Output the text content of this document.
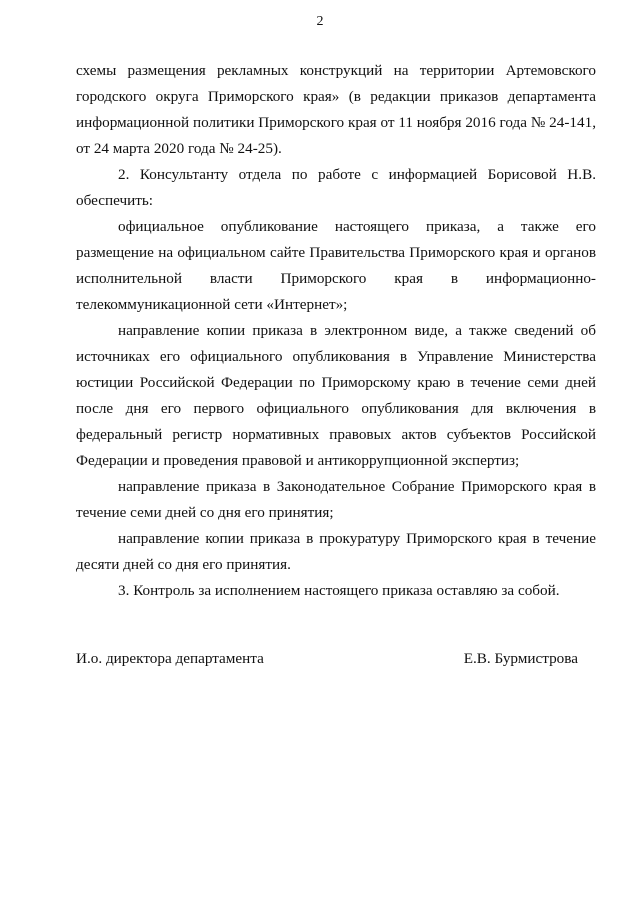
2

схемы размещения рекламных конструкций на территории Артемовского городского округа Приморского края» (в редакции приказов департамента информационной политики Приморского края от 11 ноября 2016 года № 24-141, от 24 марта 2020 года № 24-25).

2. Консультанту отдела по работе с информацией Борисовой Н.В. обеспечить:

официальное опубликование настоящего приказа, а также его размещение на официальном сайте Правительства Приморского края и органов исполнительной власти Приморского края в информационно-телекоммуникационной сети «Интернет»;

направление копии приказа в электронном виде, а также сведений об источниках его официального опубликования в Управление Министерства юстиции Российской Федерации по Приморскому краю в течение семи дней после дня его первого официального опубликования для включения в федеральный регистр нормативных правовых актов субъектов Российской Федерации и проведения правовой и антикоррупционной экспертиз;

направление приказа в Законодательное Собрание Приморского края в течение семи дней со дня его принятия;

направление копии приказа в прокуратуру Приморского края в течение десяти дней со дня его принятия.

3. Контроль за исполнением настоящего приказа оставляю за собой.

И.о. директора департамента	Е.В. Бурмистрова
